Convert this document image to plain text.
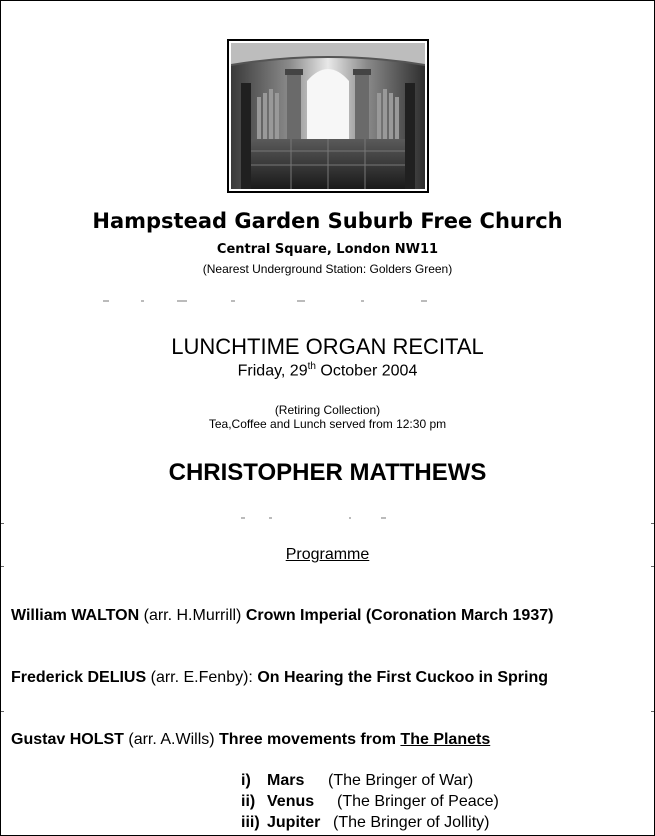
Hampstead Garden Suburb Free Church
Central Square, London NW11
(Nearest Underground Station: Golders Green)
LUNCHTIME ORGAN RECITAL
Friday, 29th October 2004
(Retiring Collection)
Tea,Coffee and Lunch served from 12:30 pm
CHRISTOPHER MATTHEWS
Programme
William WALTON (arr. H.Murrill) Crown Imperial (Coronation March 1937)
Frederick DELIUS (arr. E.Fenby): On Hearing the First Cuckoo in Spring
Gustav HOLST (arr. A.Wills) Three movements from The Planets
i) Mars (The Bringer of War)
ii) Venus (The Bringer of Peace)
iii) Jupiter (The Bringer of Jollity)
